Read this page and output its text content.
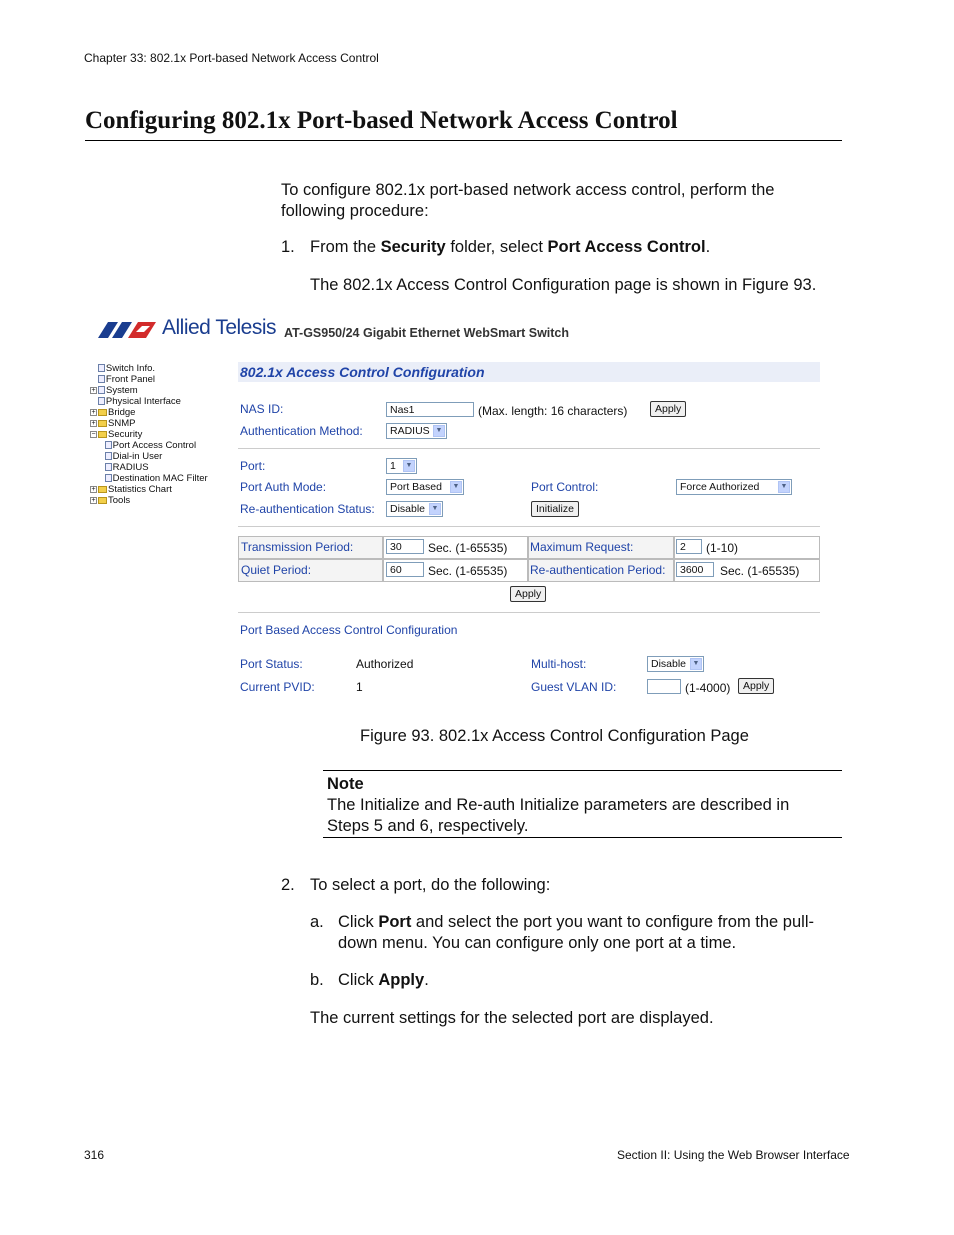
Chapter 33: 802.1x Port-based Network Access Control
Configuring 802.1x Port-based Network Access Control
To configure 802.1x port-based network access control, perform the following procedure:
1. From the Security folder, select Port Access Control.
The 802.1x Access Control Configuration page is shown in Figure 93.
Allied Telesis AT-GS950/24 Gigabit Ethernet WebSmart Switch
Switch Info.
Front Panel
+ System
Physical Interface
+ Bridge
+ SNMP
− Security
Port Access Control
Dial-in User
RADIUS
Destination MAC Filter
+ Statistics Chart
+ Tools
802.1x Access Control Configuration
NAS ID:	Nas1	(Max. length: 16 characters)	Apply
Authentication Method:	RADIUS ▼
Port:	1	▼
Port Auth Mode:	Port Based	▼	Port Control:	Force Authorized	▼
Re-authentication Status:	Disable ▼	Initialize
Transmission Period:	30	Sec. (1-65535) Maximum Request:	2	(1-10)
Quiet Period:	60	Sec. (1-65535) Re-authentication Period:	3600	Sec. (1-65535)
Apply
Port Based Access Control Configuration
Port Status:	Authorized	Multi-host:	Disable ▼
Current PVID:	1	Guest VLAN ID:	(1-4000)	Apply
Figure 93. 802.1x Access Control Configuration Page
Note
The Initialize and Re-auth Initialize parameters are described in Steps 5 and 6, respectively.
2. To select a port, do the following:
a. Click Port and select the port you want to configure from the pull-down menu. You can configure only one port at a time.
b. Click Apply.
The current settings for the selected port are displayed.
316	Section II: Using the Web Browser Interface
